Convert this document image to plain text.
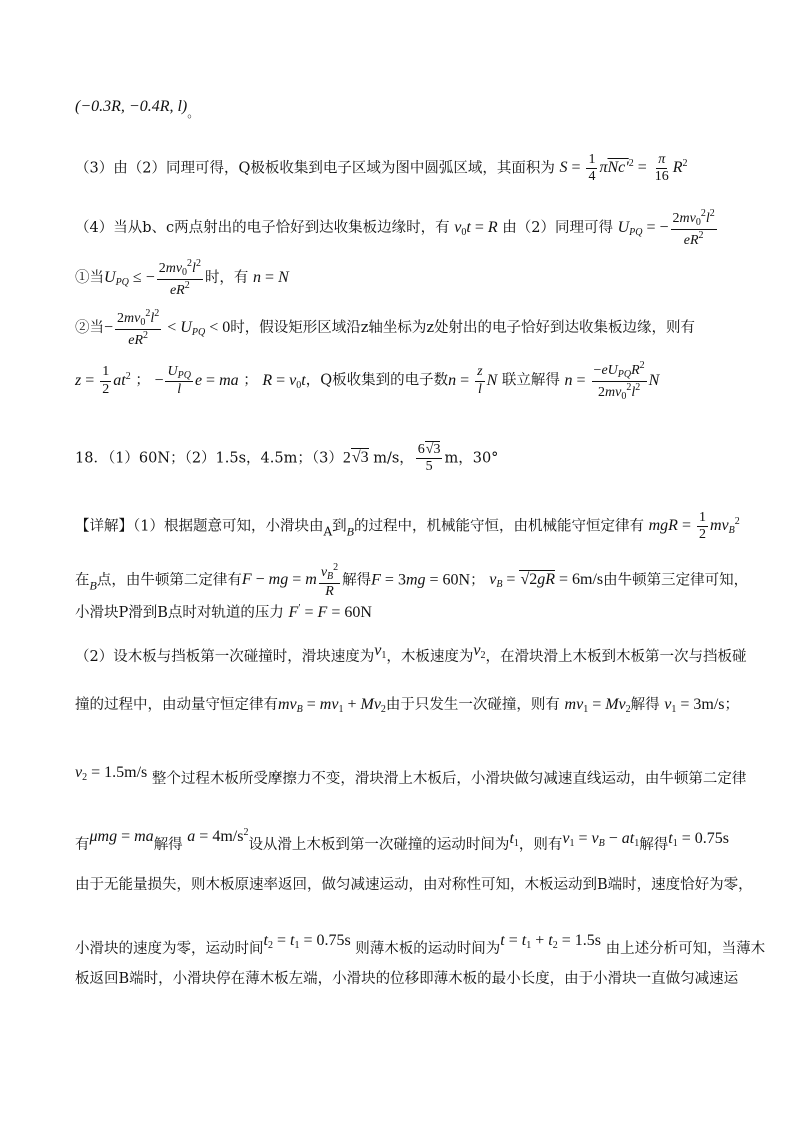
(−0.3R, −0.4R, $l)_。$
（3）由（2）同理可得，Q极板收集到电子区域为图中圆弧区域，其面积为 $S = \frac{1}{4} \pi Nc'^2 = \frac{\pi}{16} R^2$
（4）当从b、c两点射出的电子恰好到达收集板边缘时，有 $v_0t = R$ 由（2）同理可得 $U_{PQ}$ = − $\frac{2mv_0^2l^2}{eR^2}$
①当$U_{PQ}$ ≤ − $\frac{2mv_0^2l^2}{eR^2}$ 时，有 n = N
②当− $\frac{2mv_0^2l^2}{eR^2} < U_{PQ} < 0$时，假设矩形区域沿z轴坐标为z处射出的电子恰好到达收集板边缘，则有
$z = \frac{1}{2} at^2$ ； − $\frac{U_{PQ}}{l}$ e = ma ； $R = v_0t$，Q板收集到的电子数$n = \frac{z}{l}$ N 联立解得 $n = \frac{-eU_{PQ}R^2}{2mv_0^2l^2}$ N
18．（1）60N；（2）1.5s，4.5m；（3）2√3 m/s， $\frac{6√3}{5}$ m，30°
【详解】（1）根据题意可知，小滑块由$_A$到$_B$的过程中，机械能守恒，由机械能守恒定律有 mgR = $\frac{1}{2} mv_B^2$
在$_B$点，由牛顿第二定律有F − mg = m $\frac{v_B^2}{R}$ 解得F = 3mg = 60N； $v_B = √2gR = 6m/s$由牛顿第三定律可知，
小滑块P滑到B点时对轨道的压力 F′ = F = 60N
（2）设木板与挡板第一次碰撞时，滑块速度为$v_1$，木板速度为$v_2$，在滑块滑上木板到木板第一次与挡板碰
撞的过程中，由动量守恒定律有$mv_B = mv_1 + Mv_2$由于只发生一次碰撞，则有 $mv_1 = Mv_2$解得 $v_1 = 3m/s$；
$v_2 = 1.5m/s$ 整个过程木板所受摩擦力不变，滑块滑上木板后，小滑块做匀减速直线运动，由牛顿第二定律
有μmg = ma解得 $a = 4m/s^2$设从滑上木板到第一次碰撞的运动时间为$t_1$，则有$v_1 = v_B - at_1$解得$t_1 = 0.75s$
由于无能量损失，则木板原速率返回，做匀减速运动，由对称性可知，木板运动到B端时，速度恰好为零，
小滑块的速度为零，运动时间$t_2 = t_1 = 0.75s$ 则薄木板的运动时间为$t = t_1 + t_2 = 1.5s$ 由上述分析可知，当薄木
板返回B端时，小滑块停在薄木板左端，小滑块的位移即薄木板的最小长度，由于小滑块一直做匀减速运
